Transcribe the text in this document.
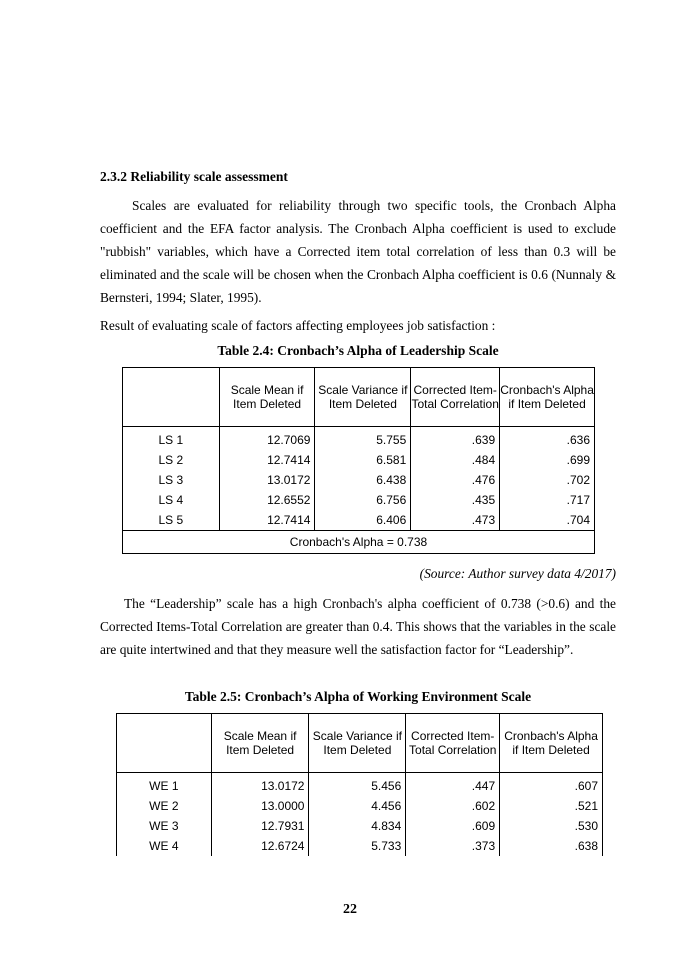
2.3.2 Reliability scale assessment
Scales are evaluated for reliability through two specific tools, the Cronbach Alpha coefficient and the EFA factor analysis. The Cronbach Alpha coefficient is used to exclude "rubbish" variables, which have a Corrected item total correlation of less than 0.3 will be eliminated and the scale will be chosen when the Cronbach Alpha coefficient is 0.6 (Nunnaly & Bernsteri, 1994; Slater, 1995).
Result of evaluating scale of factors affecting employees job satisfaction :
Table 2.4: Cronbach’s Alpha of Leadership Scale
	Scale Mean if Item Deleted	Scale Variance if Item Deleted	Corrected Item-Total Correlation	Cronbach's Alpha if Item Deleted
LS 1	12.7069	5.755	.639	.636
LS 2	12.7414	6.581	.484	.699
LS 3	13.0172	6.438	.476	.702
LS 4	12.6552	6.756	.435	.717
LS 5	12.7414	6.406	.473	.704
Cronbach's Alpha = 0.738				
(Source: Author survey data 4/2017)
The “Leadership” scale has a high Cronbach's alpha coefficient of 0.738 (>0.6) and the Corrected Items-Total Correlation are greater than 0.4. This shows that the variables in the scale are quite intertwined and that they measure well the satisfaction factor for “Leadership”.
Table 2.5: Cronbach’s Alpha of Working Environment Scale
	Scale Mean if Item Deleted	Scale Variance if Item Deleted	Corrected Item-Total Correlation	Cronbach's Alpha if Item Deleted
WE 1	13.0172	5.456	.447	.607
WE 2	13.0000	4.456	.602	.521
WE 3	12.7931	4.834	.609	.530
WE 4	12.6724	5.733	.373	.638
22
